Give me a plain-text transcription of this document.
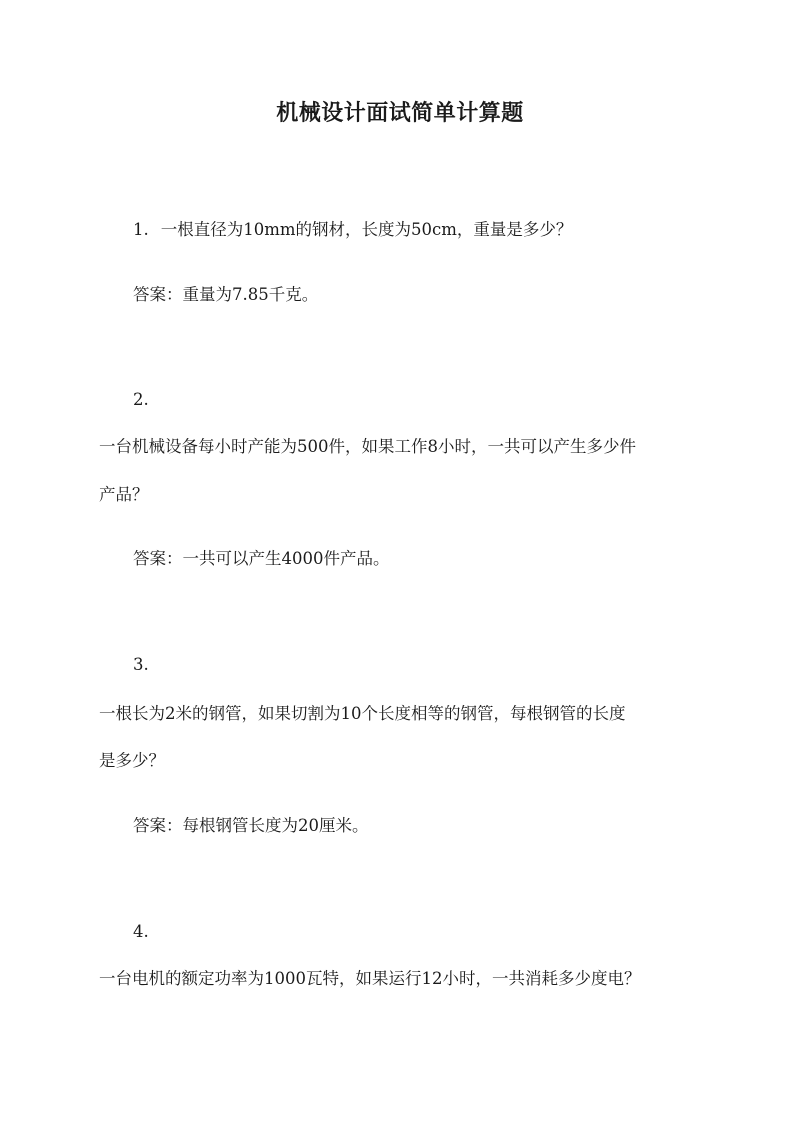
机械设计面试简单计算题
1. 一根直径为10mm的钢材，长度为50cm，重量是多少？
答案：重量为7.85千克。
2.
一台机械设备每小时产能为500件，如果工作8小时，一共可以产生多少件
产品？
答案：一共可以产生4000件产品。
3.
一根长为2米的钢管，如果切割为10个长度相等的钢管，每根钢管的长度
是多少？
答案：每根钢管长度为20厘米。
4.
一台电机的额定功率为1000瓦特，如果运行12小时，一共消耗多少度电？
